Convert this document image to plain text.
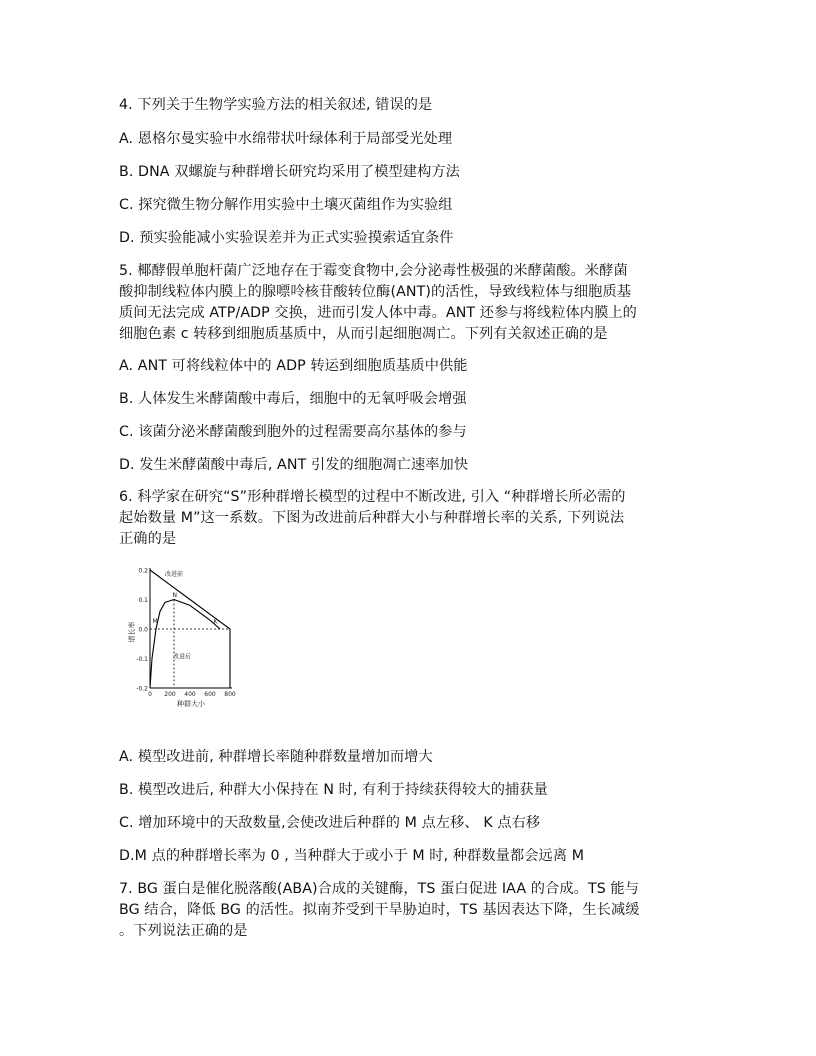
4. 下列关于生物学实验方法的相关叙述, 错误的是
A. 恩格尔曼实验中水绵带状叶绿体利于局部受光处理
B. DNA 双螺旋与种群增长研究均采用了模型建构方法
C. 探究微生物分解作用实验中土壤灭菌组作为实验组
D. 预实验能减小实验误差并为正式实验摸索适宜条件
5. 椰酵假单胞杆菌广泛地存在于霉变食物中,会分泌毒性极强的米酵菌酸。米酵菌
酸抑制线粒体内膜上的腺嘌呤核苷酸转位酶(ANT)的活性，导致线粒体与细胞质基
质间无法完成 ATP/ADP 交换，进而引发人体中毒。ANT 还参与将线粒体内膜上的
细胞色素 c 转移到细胞质基质中，从而引起细胞凋亡。下列有关叙述正确的是
A. ANT 可将线粒体中的 ADP 转运到细胞质基质中供能
B. 人体发生米酵菌酸中毒后，细胞中的无氧呼吸会增强
C. 该菌分泌米酵菌酸到胞外的过程需要高尔基体的参与
D. 发生米酵菌酸中毒后, ANT 引发的细胞凋亡速率加快
6. 科学家在研究“S”形种群增长模型的过程中不断改进, 引入 “种群增长所必需的
起始数量 M”这一系数。下图为改进前后种群大小与种群增长率的关系, 下列说法
正确的是
0.2
0.1
0.0
-0.1
-0.2
0 200 400 600 800
M
N
K
改进前
改进后
增长率
种群大小
A. 模型改进前, 种群增长率随种群数量增加而增大
B. 模型改进后, 种群大小保持在 N 时, 有利于持续获得较大的捕获量
C. 增加环境中的天敌数量,会使改进后种群的 M 点左移、 K 点右移
D.M 点的种群增长率为 0 , 当种群大于或小于 M 时, 种群数量都会远离 M
7. BG 蛋白是催化脱落酸(ABA)合成的关键酶，TS 蛋白促进 IAA 的合成。TS 能与
BG 结合，降低 BG 的活性。拟南芥受到干旱胁迫时，TS 基因表达下降，生长减缓
。下列说法正确的是
